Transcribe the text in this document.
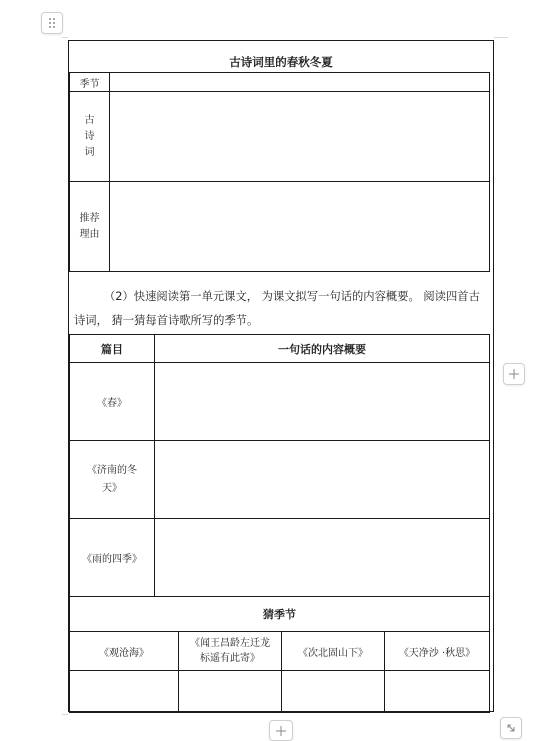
古诗词里的春秋冬夏
季节	

古
诗
词	

推荐
理由	

篇目	一句话的内容概要

《春》	

《济南的冬
天》	

《雨的四季》	

猜季节			

《观沧海》	《闻王昌龄左迁龙
标遥有此寄》	《次北固山下》	《天净沙 ·秋思》

（2）快速阅读第一单元课文， 为课文拟写一句话的内容概要。 阅读四首古
诗词， 猜一猜每首诗歌所写的季节。
